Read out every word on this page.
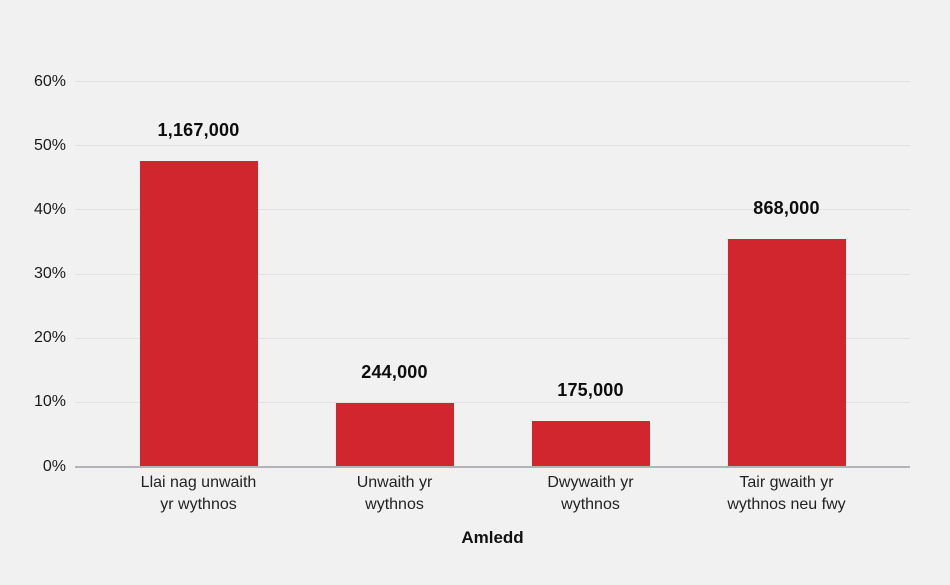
0%
10%
20%
30%
40%
50%
60%
1,167,000
Llai nag unwaith
yr wythnos
244,000
Unwaith yr
wythnos
175,000
Dwywaith yr
wythnos
868,000
Tair gwaith yr
wythnos neu fwy
Amledd
